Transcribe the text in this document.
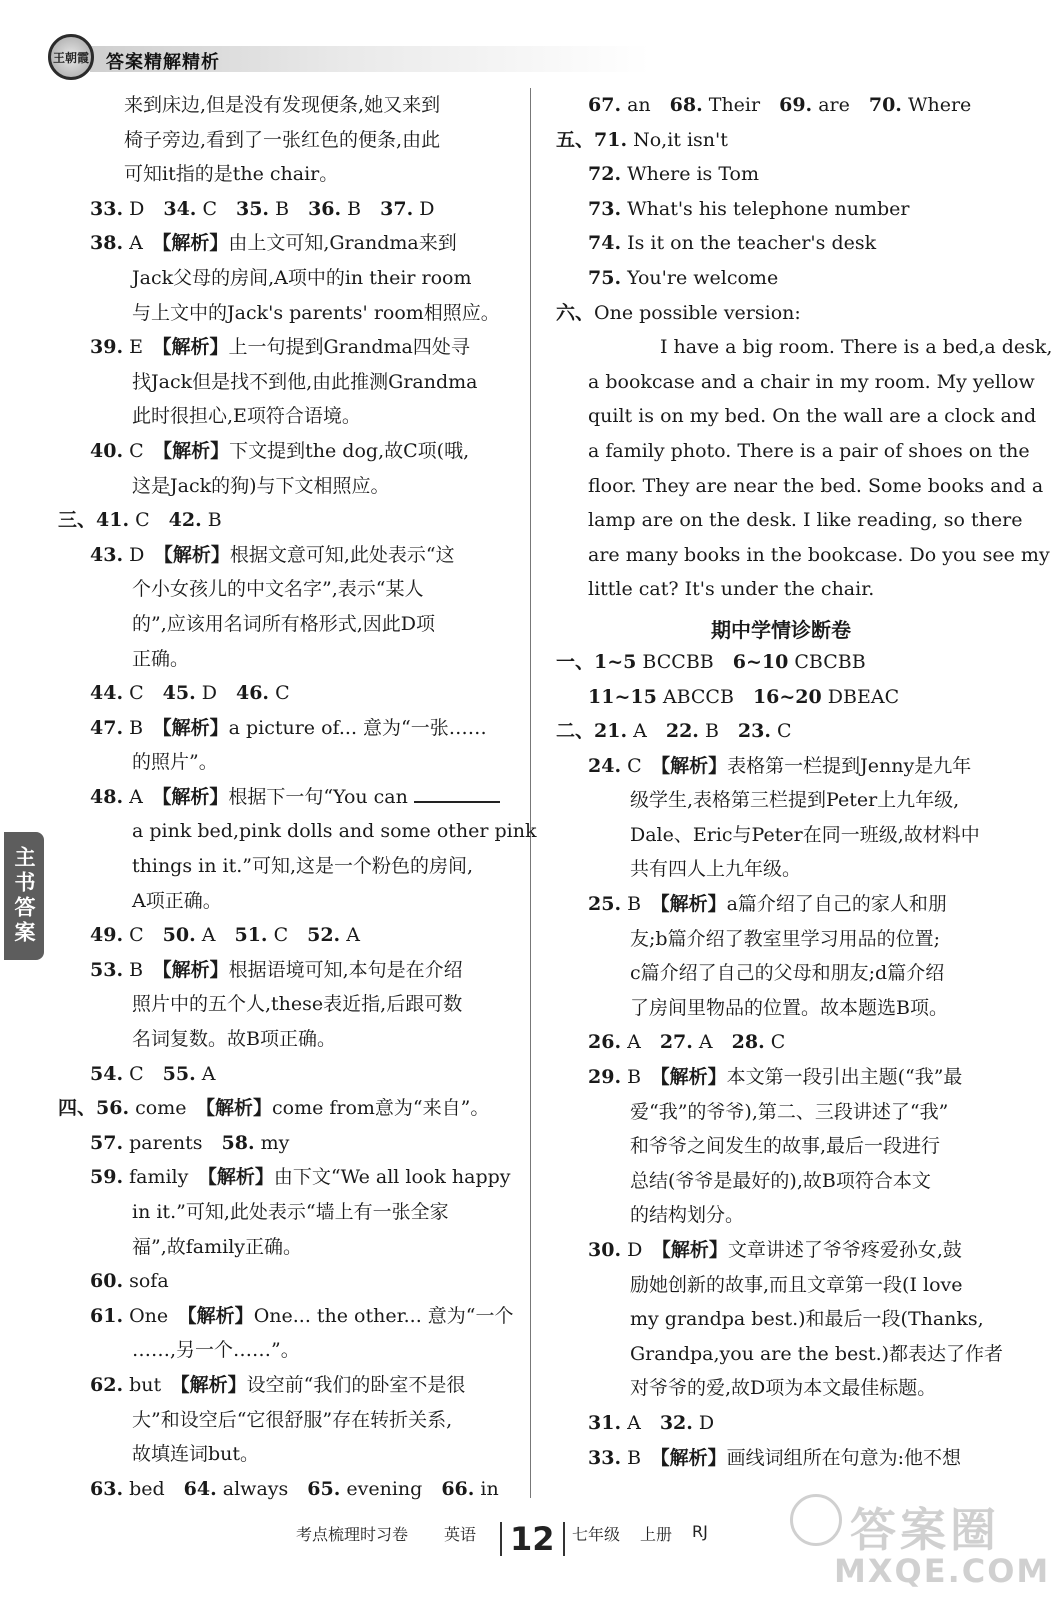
王朝霞 答案精解精析
来到床边,但是没有发现便条,她又来到
椅子旁边,看到了一张红色的便条,由此
可知it指的是the chair。
33. D　34. C　35. B　36. B　37. D
38. A　【解析】由上文可知,Grandma来到
Jack父母的房间,A项中的in their room
与上文中的Jack's parents' room相照应。
39. E　【解析】上一句提到Grandma四处寻
找Jack但是找不到他,由此推测Grandma
此时很担心,E项符合语境。
40. C　【解析】下文提到the dog,故C项(哦,
这是Jack的狗)与下文相照应。
三、41. C　42. B
43. D　【解析】根据文意可知,此处表示“这
个小女孩儿的中文名字”,表示“某人
的”,应该用名词所有格形式,因此D项
正确。
44. C　45. D　46. C
47. B　【解析】a picture of... 意为“一张……
的照片”。
48. A　【解析】根据下一句“You can
a pink bed,pink dolls and some other pink
things in it.”可知,这是一个粉色的房间,
A项正确。
49. C　50. A　51. C　52. A
53. B　【解析】根据语境可知,本句是在介绍
照片中的五个人,these表近指,后跟可数
名词复数。故B项正确。
54. C　55. A
四、56. come　【解析】come from意为“来自”。
57. parents　58. my
59. family　【解析】由下文“We all look happy
in it.”可知,此处表示“墙上有一张全家
福”,故family正确。
60. sofa
61. One　【解析】One... the other... 意为“一个
……,另一个……”。
62. but　【解析】设空前“我们的卧室不是很
大”和设空后“它很舒服”存在转折关系,
故填连词but。
63. bed　64. always　65. evening　66. in
67. an　68. Their　69. are　70. Where
五、71. No,it isn't
72. Where is Tom
73. What's his telephone number
74. Is it on the teacher's desk
75. You're welcome
六、One possible version:
　　I have a big room. There is a bed,a desk,
a bookcase and a chair in my room. My yellow
quilt is on my bed. On the wall are a clock and
a family photo. There is a pair of shoes on the
floor. They are near the bed. Some books and a
lamp are on the desk. I like reading, so there
are many books in the bookcase. Do you see my
little cat? It's under the chair.
期中学情诊断卷
一、1~5 BCCBB　6~10 CBCBB
11~15 ABCCB　16~20 DBEAC
二、21. A　22. B　23. C
24. C　【解析】表格第一栏提到Jenny是九年
级学生,表格第三栏提到Peter上九年级,
Dale、Eric与Peter在同一班级,故材料中
共有四人上九年级。
25. B　【解析】a篇介绍了自己的家人和朋
友;b篇介绍了教室里学习用品的位置;
c篇介绍了自己的父母和朋友;d篇介绍
了房间里物品的位置。故本题选B项。
26. A　27. A　28. C
29. B　【解析】本文第一段引出主题(“我”最
爱“我”的爷爷),第二、三段讲述了“我”
和爷爷之间发生的故事,最后一段进行
总结(爷爷是最好的),故B项符合本文
的结构划分。
30. D　【解析】文章讲述了爷爷疼爱孙女,鼓
励她创新的故事,而且文章第一段(I love
my grandpa best.)和最后一段(Thanks,
Grandpa,you are the best.)都表达了作者
对爷爷的爱,故D项为本文最佳标题。
31. A　32. D
33. B　【解析】画线词组所在句意为:他不想
主书答案
答案圈
MXQE.COM
考点梳理时习卷 英语	12	七年级 上册 RJ
